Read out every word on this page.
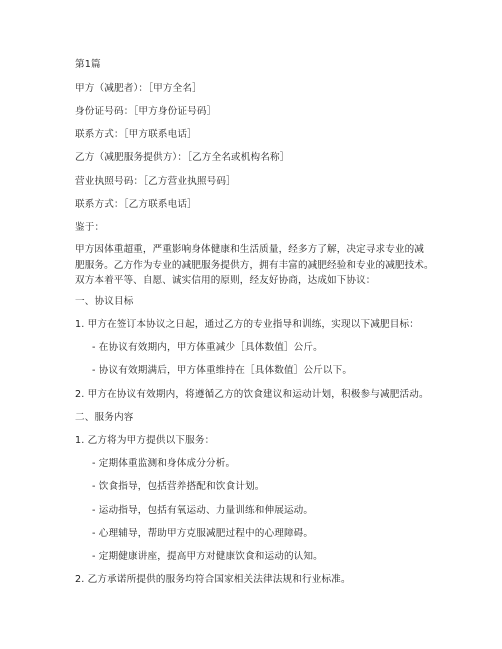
第1篇
甲方（减肥者）：［甲方全名］
身份证号码：［甲方身份证号码］
联系方式：［甲方联系电话］
乙方（减肥服务提供方）：［乙方全名或机构名称］
营业执照号码：［乙方营业执照号码］
联系方式：［乙方联系电话］
鉴于：
甲方因体重超重，严重影响身体健康和生活质量，经多方了解，决定寻求专业的减
肥服务。乙方作为专业的减肥服务提供方，拥有丰富的减肥经验和专业的减肥技术。
双方本着平等、自愿、诚实信用的原则，经友好协商，达成如下协议：
一、协议目标
1. 甲方在签订本协议之日起，通过乙方的专业指导和训练，实现以下减肥目标：
- 在协议有效期内，甲方体重减少［具体数值］公斤。
- 协议有效期满后，甲方体重维持在［具体数值］公斤以下。
2. 甲方在协议有效期内，将遵循乙方的饮食建议和运动计划，积极参与减肥活动。
二、服务内容
1. 乙方将为甲方提供以下服务：
- 定期体重监测和身体成分分析。
- 饮食指导，包括营养搭配和饮食计划。
- 运动指导，包括有氧运动、力量训练和伸展运动。
- 心理辅导，帮助甲方克服减肥过程中的心理障碍。
- 定期健康讲座，提高甲方对健康饮食和运动的认知。
2. 乙方承诺所提供的服务均符合国家相关法律法规和行业标准。
